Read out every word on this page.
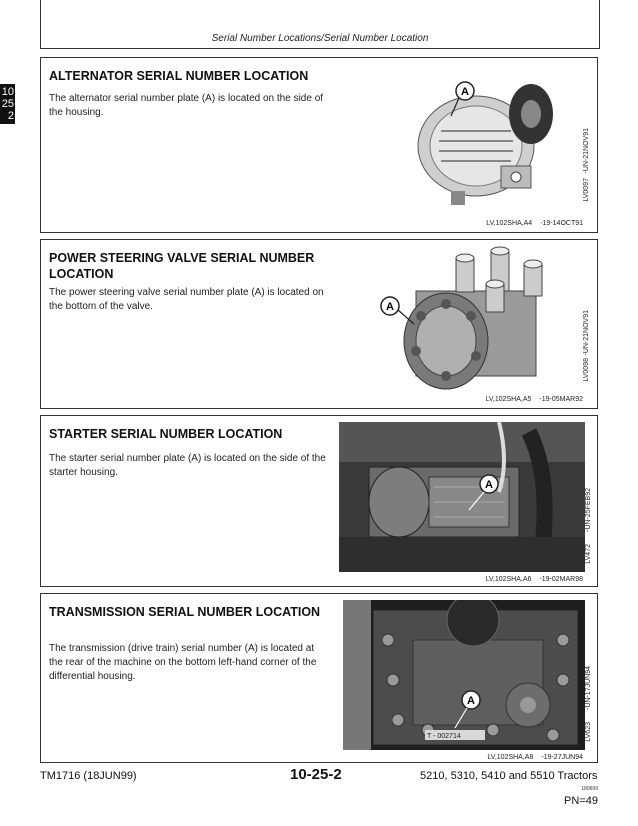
Serial Number Locations/Serial Number Location
10
25
2
ALTERNATOR SERIAL NUMBER LOCATION
The alternator serial number plate (A) is located on the side of the housing.
A
LV0097
-UN-21NOV91
LV,102SHA,A4 -19-14OCT91
POWER STEERING VALVE SERIAL NUMBER LOCATION
The power steering valve serial number plate (A) is located on the bottom of the valve.	A
LV0098
-UN-21NOV91
LV,102SHA,A5 -19-05MAR92
STARTER SERIAL NUMBER LOCATION
The starter serial number plate (A) is located on the side of the starter housing.
A
LV472
-UN-25FEB92
LV,102SHA,A6 -19-02MAR98
TRANSMISSION SERIAL NUMBER LOCATION
The transmission (drive train) serial number (A) is located at the rear of the machine on the bottom left-hand corner of the differential housing.
T - 002714
A
LV623
-UN-17JUN94
LV,102SHA,A8 -19-27JUN94
TM1716 (18JUN99)	10-25-2	5210, 5310, 5410 and 5510 Tractors
180699
PN=49
